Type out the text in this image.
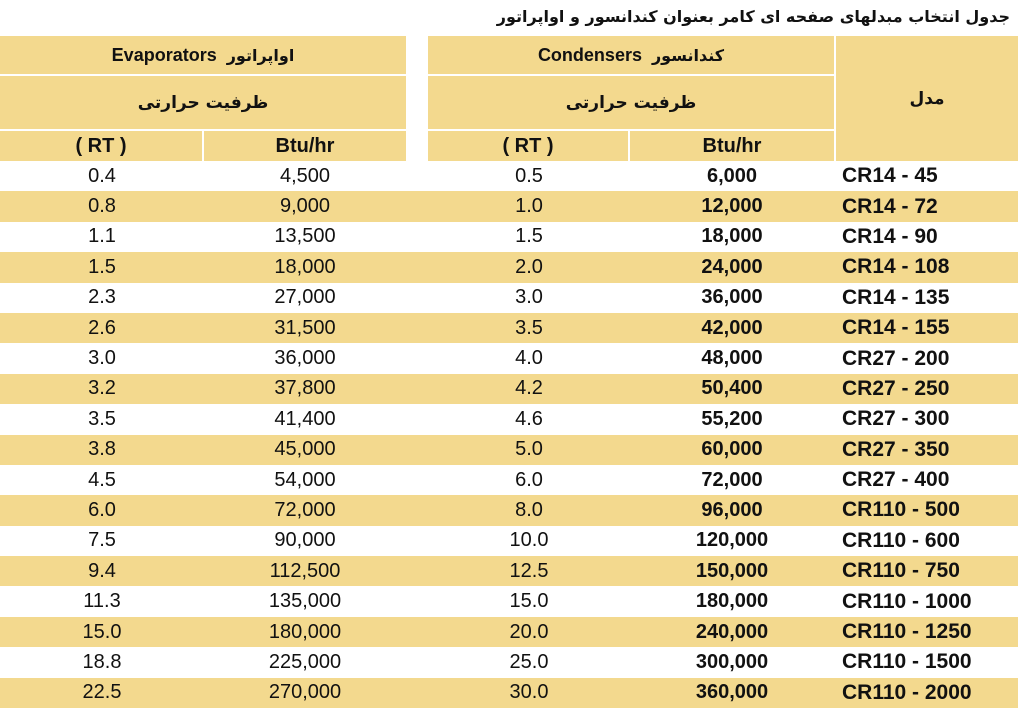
جدول انتخاب مبدلهای صفحه ای کامر بعنوان کندانسور و اواپراتور
Evaporators اواپراتور	Condensers کندانسور
مدل
ظرفیت حرارتی	ظرفیت حرارتی
( RT )	Btu/hr	( RT )	Btu/hr
0.4	4,500	0.5	6,000	CR14 - 45
0.8	9,000	1.0	12,000	CR14 - 72
1.1	13,500	1.5	18,000	CR14 - 90
1.5	18,000	2.0	24,000	CR14 - 108
2.3	27,000	3.0	36,000	CR14 - 135
2.6	31,500	3.5	42,000	CR14 - 155
3.0	36,000	4.0	48,000	CR27 - 200
3.2	37,800	4.2	50,400	CR27 - 250
3.5	41,400	4.6	55,200	CR27 - 300
3.8	45,000	5.0	60,000	CR27 - 350
4.5	54,000	6.0	72,000	CR27 - 400
6.0	72,000	8.0	96,000	CR110 - 500
7.5	90,000	10.0	120,000	CR110 - 600
9.4	112,500	12.5	150,000	CR110 - 750
11.3	135,000	15.0	180,000	CR110 - 1000
15.0	180,000	20.0	240,000	CR110 - 1250
18.8	225,000	25.0	300,000	CR110 - 1500
22.5	270,000	30.0	360,000	CR110 - 2000
